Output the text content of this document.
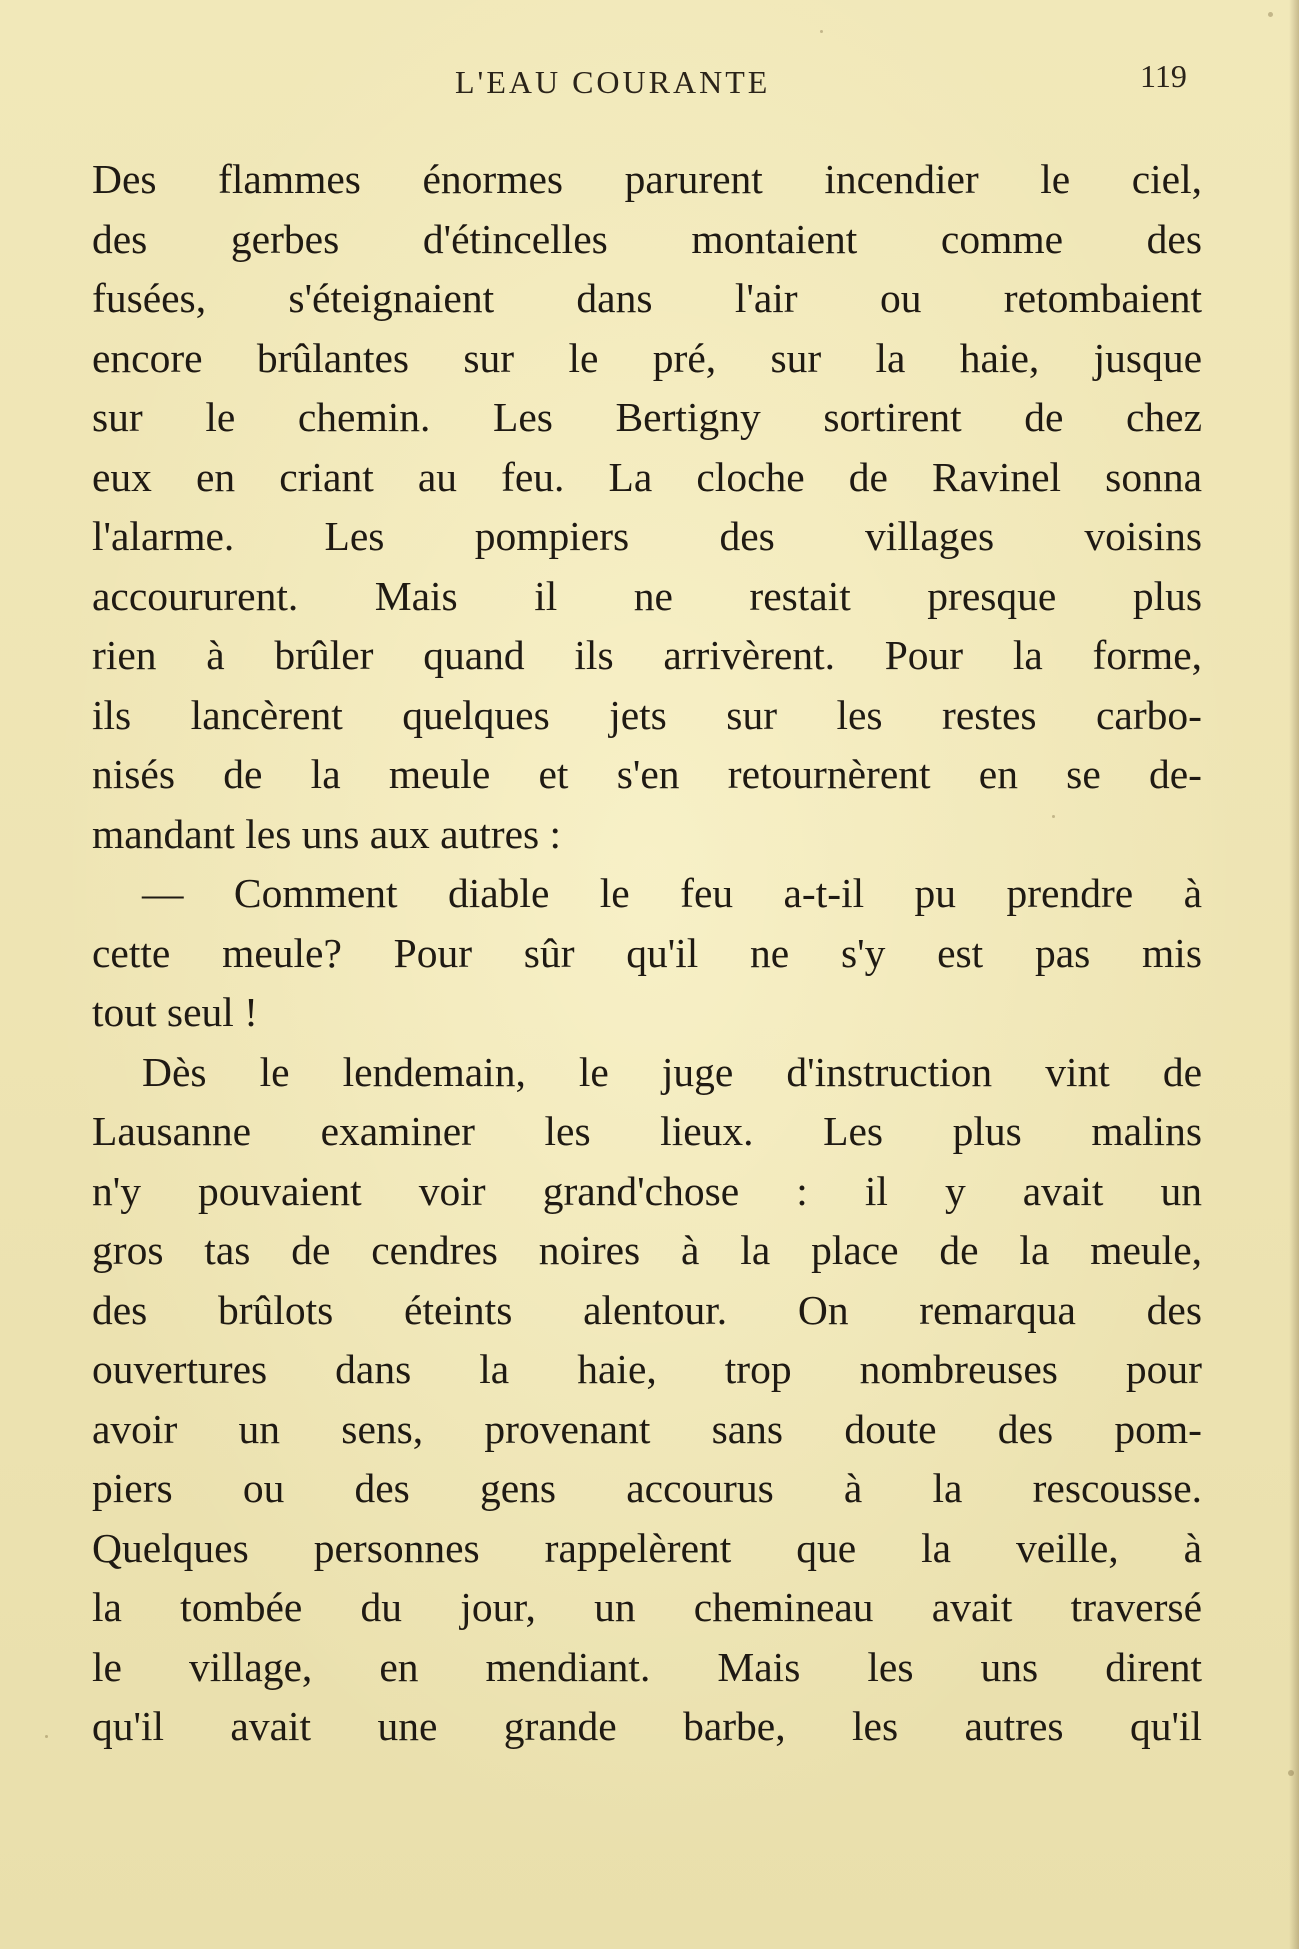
L'EAU COURANTE	119
Des flammes énormes parurent incendier le ciel,
des gerbes d'étincelles montaient comme des
fusées, s'éteignaient dans l'air ou retombaient
encore brûlantes sur le pré, sur la haie, jusque
sur le chemin. Les Bertigny sortirent de chez
eux en criant au feu. La cloche de Ravinel sonna
l'alarme. Les pompiers des villages voisins
accoururent. Mais il ne restait presque plus
rien à brûler quand ils arrivèrent. Pour la forme,
ils lancèrent quelques jets sur les restes carbo-
nisés de la meule et s'en retournèrent en se de-
mandant les uns aux autres :
— Comment diable le feu a-t-il pu prendre à
cette meule? Pour sûr qu'il ne s'y est pas mis
tout seul !
Dès le lendemain, le juge d'instruction vint de
Lausanne examiner les lieux. Les plus malins
n'y pouvaient voir grand'chose : il y avait un
gros tas de cendres noires à la place de la meule,
des brûlots éteints alentour. On remarqua des
ouvertures dans la haie, trop nombreuses pour
avoir un sens, provenant sans doute des pom-
piers ou des gens accourus à la rescousse.
Quelques personnes rappelèrent que la veille, à
la tombée du jour, un chemineau avait traversé
le village, en mendiant. Mais les uns dirent
qu'il avait une grande barbe, les autres qu'il
